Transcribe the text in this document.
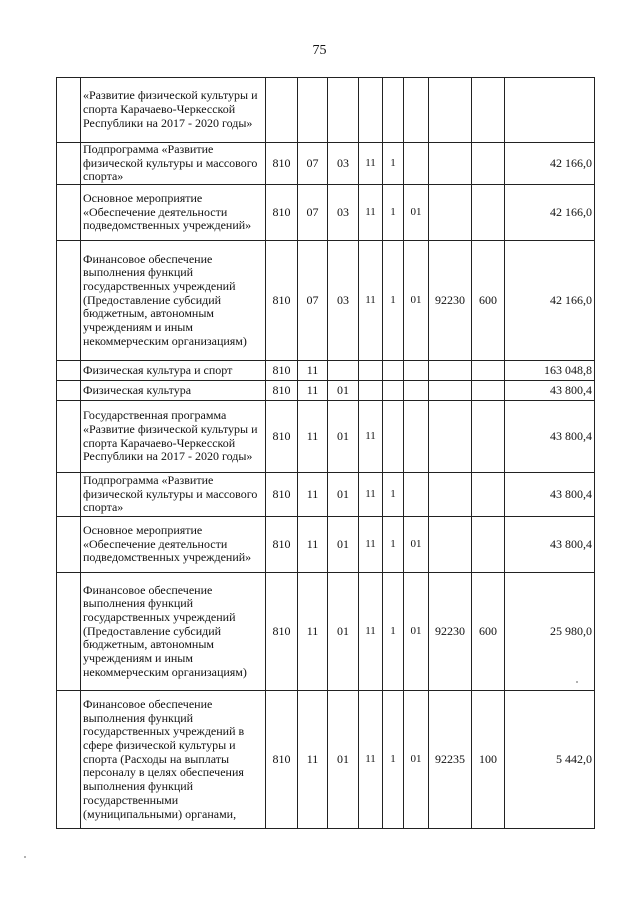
75
	«Развитие физической культуры и спорта Карачаево-Черкесской Республики на 2017 - 2020 годы»									
	Подпрограмма «Развитие физической культуры и массового спорта»	810	07	03	11	1				42 166,0
	Основное мероприятие «Обеспечение деятельности подведомственных учреждений»	810	07	03	11	1	01			42 166,0
	Финансовое обеспечение выполнения функций государственных учреждений (Предоставление субсидий бюджетным, автономным учреждениям и иным некоммерческим организациям)	810	07	03	11	1	01	92230	600	42 166,0
	Физическая культура и спорт	810	11							163 048,8
	Физическая культура	810	11	01						43 800,4
	Государственная программа «Развитие физической культуры и спорта Карачаево-Черкесской Республики на 2017 - 2020 годы»	810	11	01	11					43 800,4
	Подпрограмма «Развитие физической культуры и массового спорта»	810	11	01	11	1				43 800,4
	Основное мероприятие «Обеспечение деятельности подведомственных учреждений»	810	11	01	11	1	01			43 800,4
	Финансовое обеспечение выполнения функций государственных учреждений (Предоставление субсидий бюджетным, автономным учреждениям и иным некоммерческим организациям)	810	11	01	11	1	01	92230	600	25 980,0
	Финансовое обеспечение выполнения функций государственных учреждений в сфере физической культуры и спорта (Расходы на выплаты персоналу в целях обеспечения выполнения функций государственными (муниципальными) органами,	810	11	01	11	1	01	92235	100	5 442,0
